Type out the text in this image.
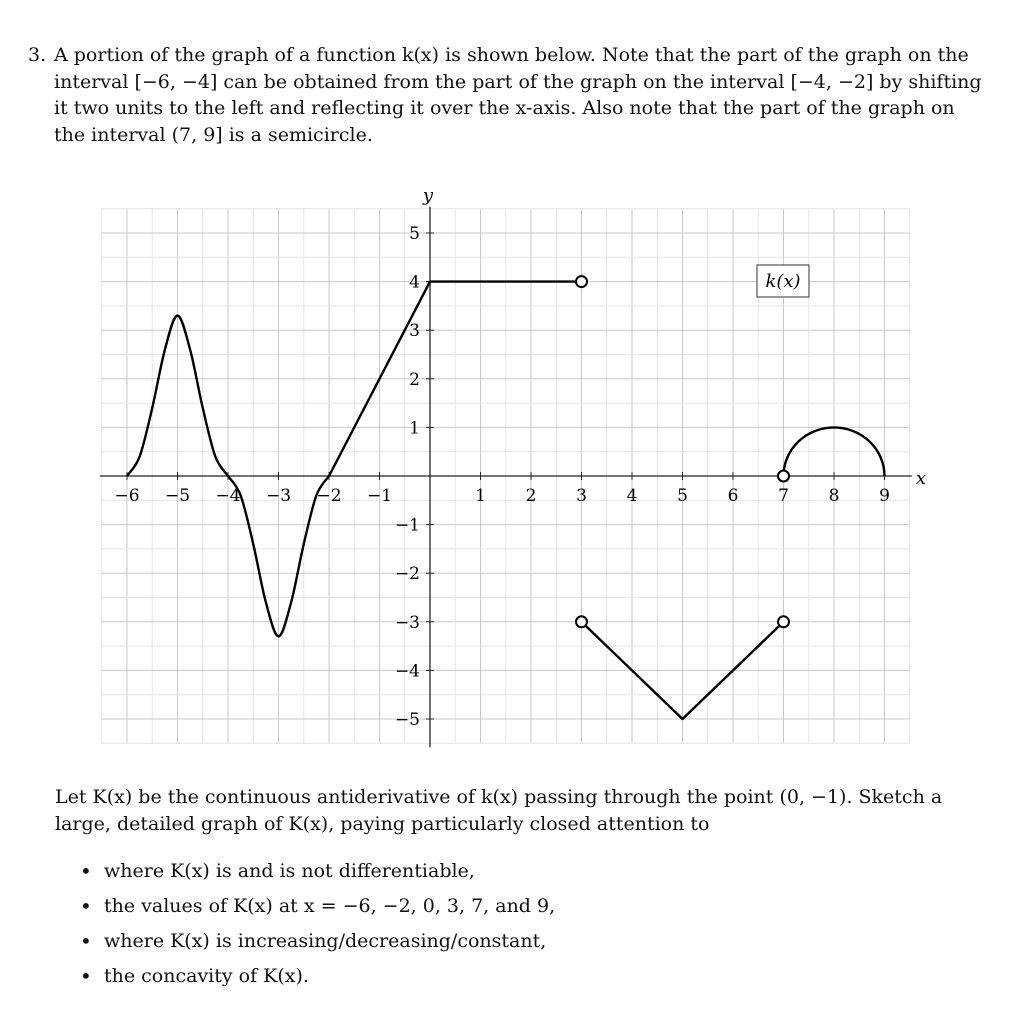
3. A portion of the graph of a function k(x) is shown below. Note that the part of the graph on the interval [−6, −4] can be obtained from the part of the graph on the interval [−4, −2] by shifting it two units to the left and reflecting it over the x-axis. Also note that the part of the graph on the interval (7, 9] is a semicircle.
−6 −5 −4 −3 −2 −1	1 2 3 4 5 6 7 8 9
5
4
3
2
1
−1
−2
−3
−4
−5
k(x)
y
x
Let K(x) be the continuous antiderivative of k(x) passing through the point (0, −1). Sketch a large, detailed graph of K(x), paying particularly closed attention to
• where K(x) is and is not differentiable,
• the values of K(x) at x = −6, −2, 0, 3, 7, and 9,
• where K(x) is increasing/decreasing/constant,
• the concavity of K(x).
